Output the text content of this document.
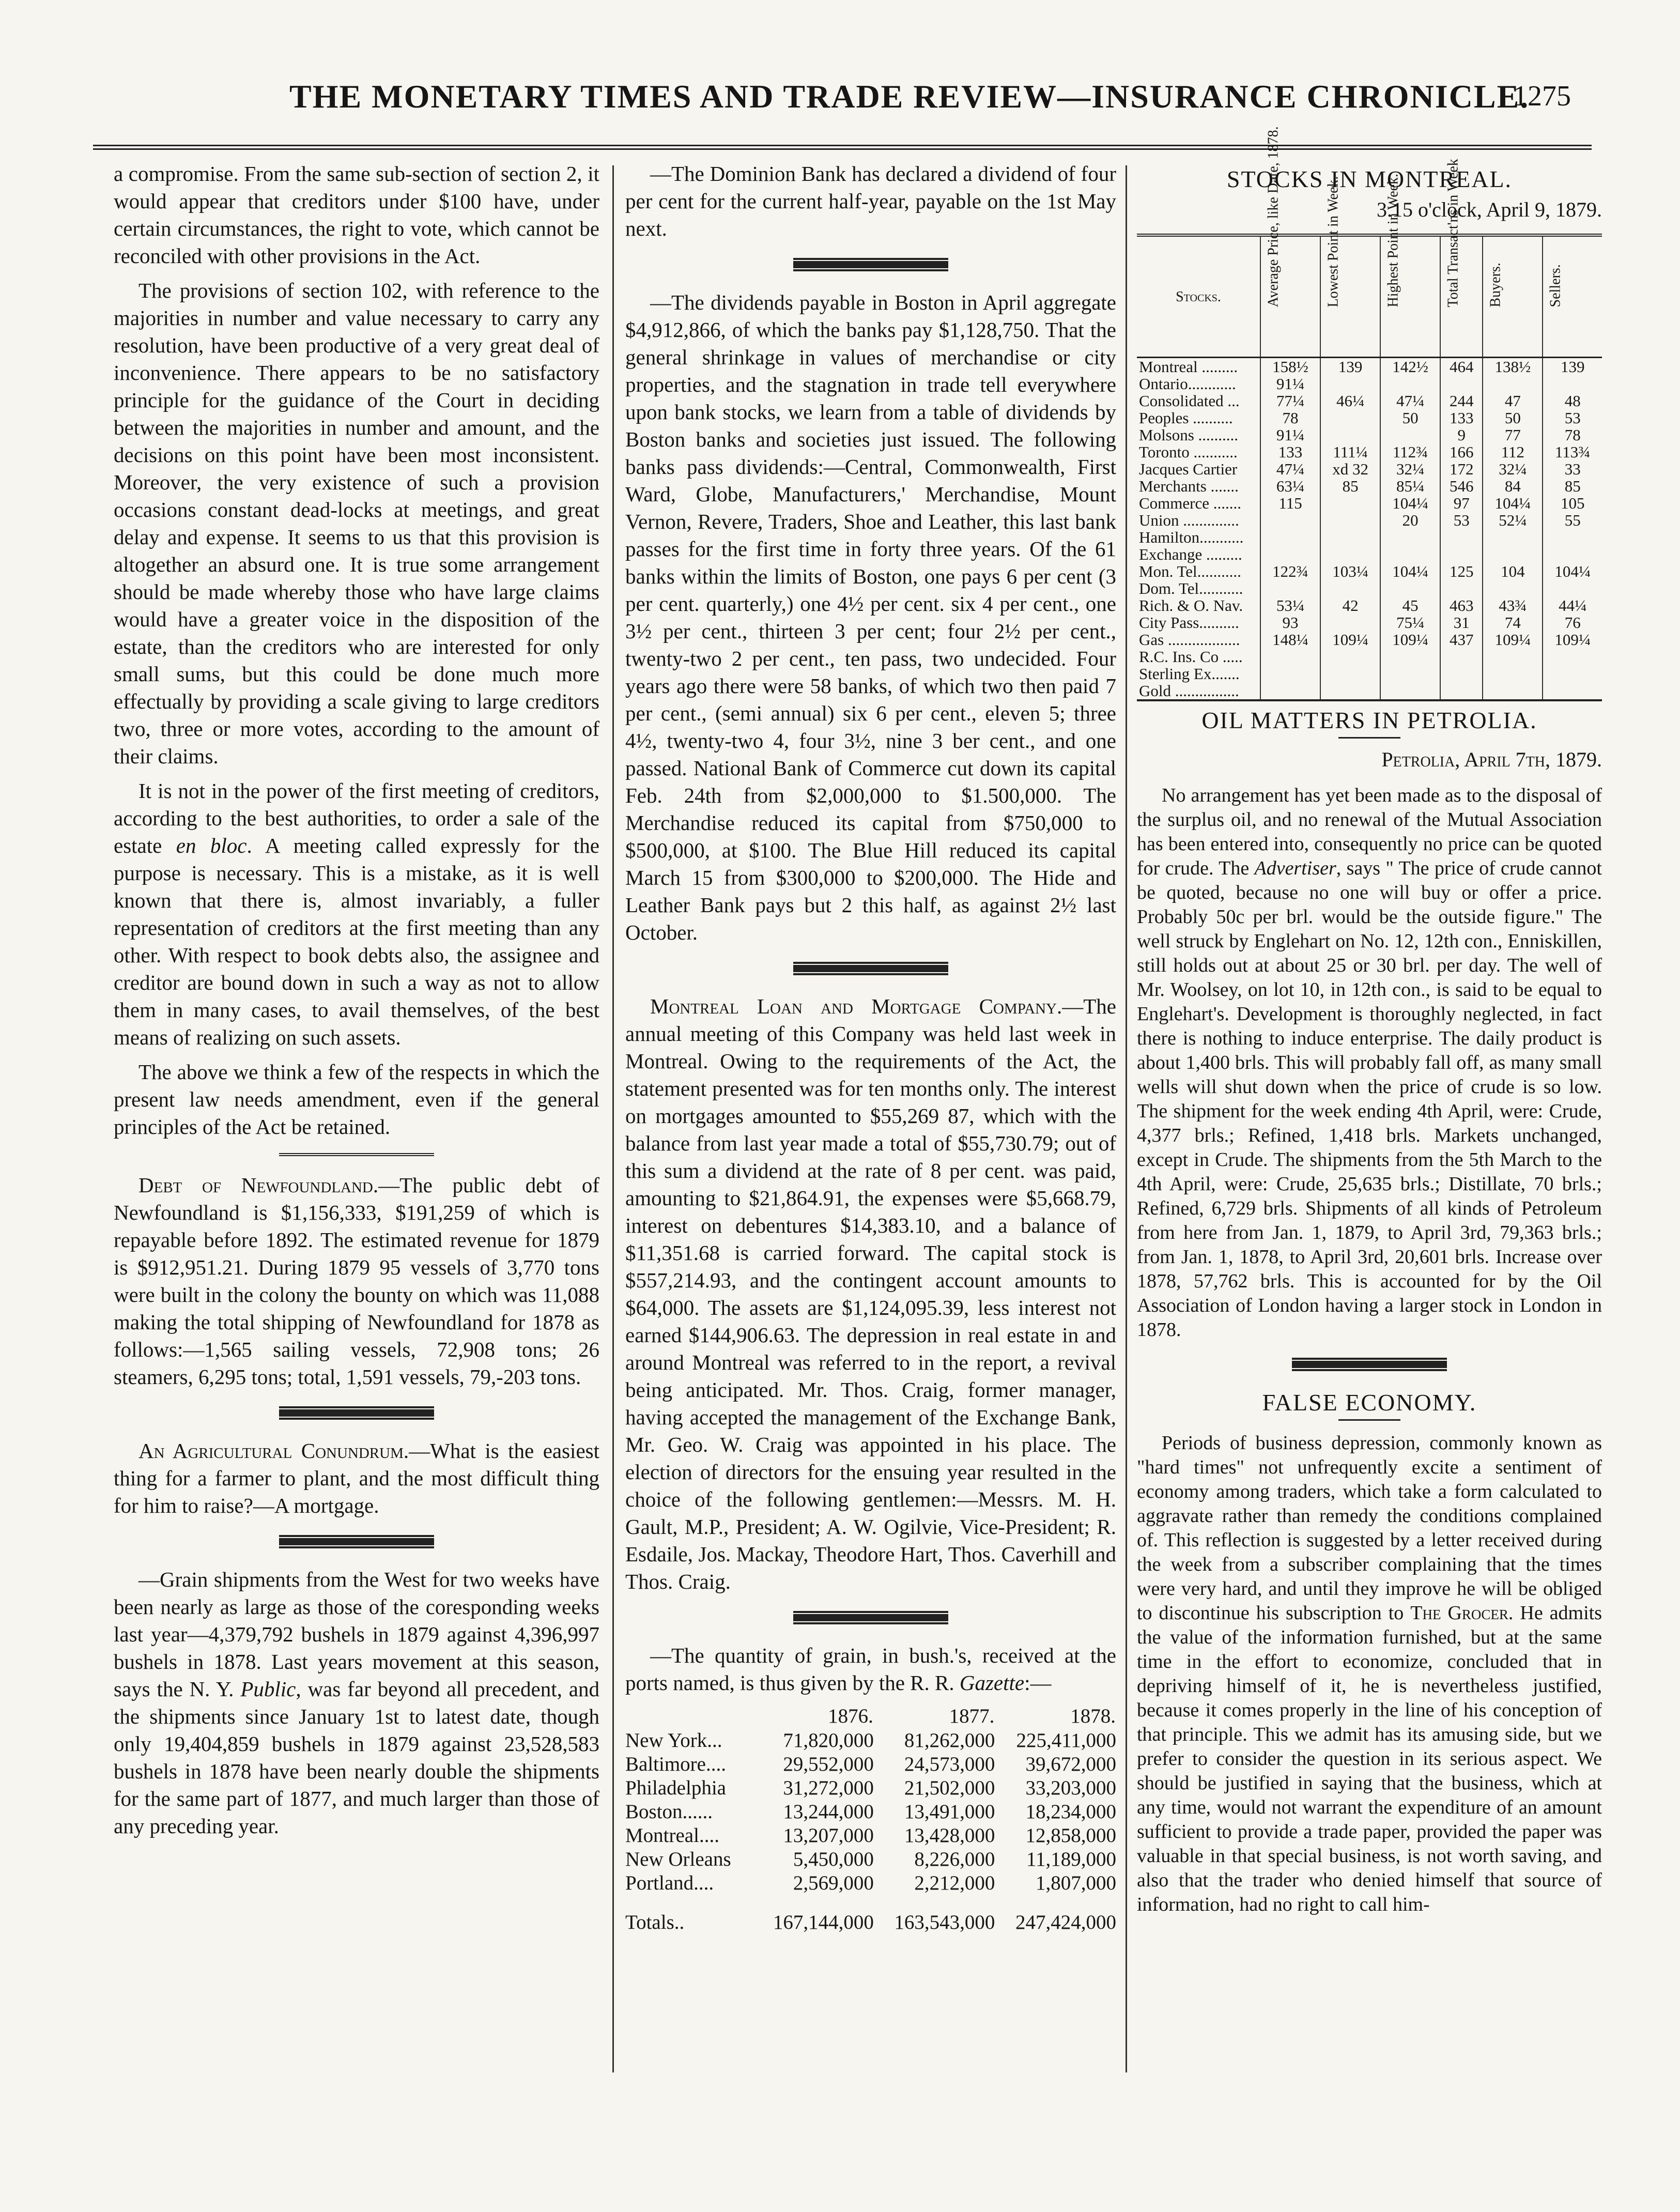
THE MONETARY TIMES AND TRADE REVIEW—INSURANCE CHRONICLE.
1275

a compromise. From the same sub-section of section 2, it would appear that creditors under $100 have, under certain circumstances, the right to vote, which cannot be reconciled with other provisions in the Act.

The provisions of section 102, with reference to the majorities in number and value necessary to carry any resolution, have been productive of a very great deal of inconvenience. There appears to be no satisfactory principle for the guidance of the Court in deciding between the majorities in number and amount, and the decisions on this point have been most inconsistent. Moreover, the very existence of such a provision occasions constant dead-locks at meetings, and great delay and expense. It seems to us that this provision is altogether an absurd one. It is true some arrangement should be made whereby those who have large claims would have a greater voice in the disposition of the estate, than the creditors who are interested for only small sums, but this could be done much more effectually by providing a scale giving to large creditors two, three or more votes, according to the amount of their claims.

It is not in the power of the first meeting of creditors, according to the best authorities, to order a sale of the estate en bloc. A meeting called expressly for the purpose is necessary. This is a mistake, as it is well known that there is, almost invariably, a fuller representation of creditors at the first meeting than any other. With respect to book debts also, the assignee and creditor are bound down in such a way as not to allow them in many cases, to avail themselves, of the best means of realizing on such assets.

The above we think a few of the respects in which the present law needs amendment, even if the general principles of the Act be retained.

Debt of Newfoundland.—The public debt of Newfoundland is $1,156,333, $191,259 of which is repayable before 1892. The estimated revenue for 1879 is $912,951.21. During 1879 95 vessels of 3,770 tons were built in the colony the bounty on which was 11,088 making the total shipping of Newfoundland for 1878 as follows:—1,565 sailing vessels, 72,908 tons; 26 steamers, 6,295 tons; total, 1,591 vessels, 79,-203 tons.

An Agricultural Conundrum.—What is the easiest thing for a farmer to plant, and the most difficult thing for him to raise?—A mortgage.

—Grain shipments from the West for two weeks have been nearly as large as those of the coresponding weeks last year—4,379,792 bushels in 1879 against 4,396,997 bushels in 1878. Last years movement at this season, says the N. Y. Public, was far beyond all precedent, and the shipments since January 1st to latest date, though only 19,404,859 bushels in 1879 against 23,528,583 bushels in 1878 have been nearly double the shipments for the same part of 1877, and much larger than those of any preceding year.

—The Dominion Bank has declared a dividend of four per cent for the current half-year, payable on the 1st May next.

—The dividends payable in Boston in April aggregate $4,912,866, of which the banks pay $1,128,750. That the general shrinkage in values of merchandise or city properties, and the stagnation in trade tell everywhere upon bank stocks, we learn from a table of dividends by Boston banks and societies just issued. The following banks pass dividends:—Central, Commonwealth, First Ward, Globe, Manufacturers,' Merchandise, Mount Vernon, Revere, Traders, Shoe and Leather, this last bank passes for the first time in forty three years. Of the 61 banks within the limits of Boston, one pays 6 per cent (3 per cent. quarterly,) one 4½ per cent. six 4 per cent., one 3½ per cent., thirteen 3 per cent; four 2½ per cent., twenty-two 2 per cent., ten pass, two undecided. Four years ago there were 58 banks, of which two then paid 7 per cent., (semi annual) six 6 per cent., eleven 5; three 4½, twenty-two 4, four 3½, nine 3 ber cent., and one passed. National Bank of Commerce cut down its capital Feb. 24th from $2,000,000 to $1.500,000. The Merchandise reduced its capital from $750,000 to $500,000, at $100. The Blue Hill reduced its capital March 15 from $300,000 to $200,000. The Hide and Leather Bank pays but 2 this half, as against 2½ last October.

Montreal Loan and Mortgage Company.—The annual meeting of this Company was held last week in Montreal. Owing to the requirements of the Act, the statement presented was for ten months only. The interest on mortgages amounted to $55,269 87, which with the balance from last year made a total of $55,730.79; out of this sum a dividend at the rate of 8 per cent. was paid, amounting to $21,864.91, the expenses were $5,668.79, interest on debentures $14,383.10, and a balance of $11,351.68 is carried forward. The capital stock is $557,214.93, and the contingent account amounts to $64,000. The assets are $1,124,095.39, less interest not earned $144,906.63. The depression in real estate in and around Montreal was referred to in the report, a revival being anticipated. Mr. Thos. Craig, former manager, having accepted the management of the Exchange Bank, Mr. Geo. W. Craig was appointed in his place. The election of directors for the ensuing year resulted in the choice of the following gentlemen:—Messrs. M. H. Gault, M.P., President; A. W. Ogilvie, Vice-President; R. Esdaile, Jos. Mackay, Theodore Hart, Thos. Caverhill and Thos. Craig.

—The quantity of grain, in bush.'s, received at the ports named, is thus given by the R. R. Gazette:—

	1876.	1877.	1878.
New York...	71,820,000	81,262,000	225,411,000
Baltimore....	29,552,000	24,573,000	39,672,000
Philadelphia	31,272,000	21,502,000	33,203,000
Boston......	13,244,000	13,491,000	18,234,000
Montreal....	13,207,000	13,428,000	12,858,000
New Orleans	5,450,000	8,226,000	11,189,000
Portland....	2,569,000	2,212,000	1,807,000
Totals..	167,144,000	163,543,000	247,424,000
STOCKS IN MONTREAL.
3.15 o'clock, April 9, 1879.
Stocks.	Average Price, like Date, 1878.	Lowest Point in Week.	Highest Point in Week.	Total Transact'ns in Week	Buyers.	Sellers.
Montreal .........	158½	139	142½	464	138½	139
Ontario............	91¼					
Consolidated ...	77¼	46¼	47¼	244	47	48
Peoples ..........	78		50	133	50	53
Molsons ..........	91¼			9	77	78
Toronto ...........	133	111¼	112¾	166	112	113¾
Jacques Cartier	47¼	xd 32	32¼	172	32¼	33
Merchants .......	63¼	85	85¼	546	84	85
Commerce .......	115		104¼	97	104¼	105
Union ..............			20	53	52¼	55
Hamilton...........						
Exchange .........						
Mon. Tel...........	122¾	103¼	104¼	125	104	104¼
Dom. Tel...........						
Rich. & O. Nav.	53¼	42	45	463	43¾	44¼
City Pass..........	93		75¼	31	74	76
Gas ..................	148¼	109¼	109¼	437	109¼	109¼
R.C. Ins. Co .....						
Sterling Ex.......						
Gold ................						
OIL MATTERS IN PETROLIA.
Petrolia, April 7th, 1879.

No arrangement has yet been made as to the disposal of the surplus oil, and no renewal of the Mutual Association has been entered into, consequently no price can be quoted for crude. The Advertiser, says " The price of crude cannot be quoted, because no one will buy or offer a price. Probably 50c per brl. would be the outside figure." The well struck by Englehart on No. 12, 12th con., Enniskillen, still holds out at about 25 or 30 brl. per day. The well of Mr. Woolsey, on lot 10, in 12th con., is said to be equal to Englehart's. Development is thoroughly neglected, in fact there is nothing to induce enterprise. The daily product is about 1,400 brls. This will probably fall off, as many small wells will shut down when the price of crude is so low. The shipment for the week ending 4th April, were: Crude, 4,377 brls.; Refined, 1,418 brls. Markets unchanged, except in Crude. The shipments from the 5th March to the 4th April, were: Crude, 25,635 brls.; Distillate, 70 brls.; Refined, 6,729 brls. Shipments of all kinds of Petroleum from here from Jan. 1, 1879, to April 3rd, 79,363 brls.; from Jan. 1, 1878, to April 3rd, 20,601 brls. Increase over 1878, 57,762 brls. This is accounted for by the Oil Association of London having a larger stock in London in 1878.

FALSE ECONOMY.

Periods of business depression, commonly known as "hard times" not unfrequently excite a sentiment of economy among traders, which take a form calculated to aggravate rather than remedy the conditions complained of. This reflection is suggested by a letter received during the week from a subscriber complaining that the times were very hard, and until they improve he will be obliged to discontinue his subscription to The Grocer. He admits the value of the information furnished, but at the same time in the effort to economize, concluded that in depriving himself of it, he is nevertheless justified, because it comes properly in the line of his conception of that principle. This we admit has its amusing side, but we prefer to consider the question in its serious aspect. We should be justified in saying that the business, which at any time, would not warrant the expenditure of an amount sufficient to provide a trade paper, provided the paper was valuable in that special business, is not worth saving, and also that the trader who denied himself that source of information, had no right to call him-
